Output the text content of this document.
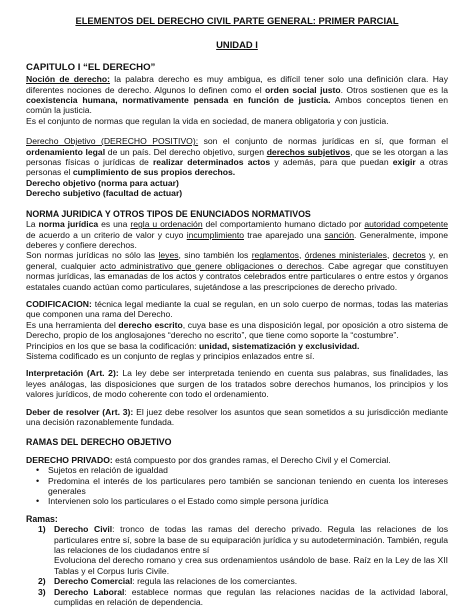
ELEMENTOS DEL DERECHO CIVIL PARTE GENERAL: PRIMER PARCIAL
UNIDAD I
CAPITULO I “EL DERECHO”

Noción de derecho: la palabra derecho es muy ambigua, es difícil tener solo una definición clara. Hay diferentes nociones de derecho. Algunos lo definen como el orden social justo. Otros sostienen que es la coexistencia humana, normativamente pensada en función de justicia. Ambos conceptos tienen en común la justicia.

Es el conjunto de normas que regulan la vida en sociedad, de manera obligatoria y con justicia.

Derecho Objetivo (DERECHO POSITIVO): son el conjunto de normas jurídicas en sí, que forman el ordenamiento legal de un país. Del derecho objetivo, surgen derechos subjetivos, que se les otorgan a las personas físicas o jurídicas de realizar determinados actos y además, para que puedan exigir a otras personas el cumplimiento de sus propios derechos.

Derecho objetivo (norma para actuar)

Derecho subjetivo (facultad de actuar)

NORMA JURIDICA Y OTROS TIPOS DE ENUNCIADOS NORMATIVOS

La norma jurídica es una regla u ordenación del comportamiento humano dictado por autoridad competente de acuerdo a un criterio de valor y cuyo incumplimiento trae aparejado una sanción. Generalmente, impone deberes y confiere derechos.

Son normas jurídicas no sólo las leyes, sino también los reglamentos, órdenes ministeriales, decretos y, en general, cualquier acto administrativo que genere obligaciones o derechos. Cabe agregar que constituyen normas jurídicas, las emanadas de los actos y contratos celebrados entre particulares o entre estos y órganos estatales cuando actúan como particulares, sujetándose a las prescripciones de derecho privado.

CODIFICACION: técnica legal mediante la cual se regulan, en un solo cuerpo de normas, todas las materias que componen una rama del Derecho.

Es una herramienta del derecho escrito, cuya base es una disposición legal, por oposición a otro sistema de Derecho, propio de los anglosajones “derecho no escrito”, que tiene como soporte la “costumbre”.

Principios en los que se basa la codificación: unidad, sistematización y exclusividad.

Sistema codificado es un conjunto de reglas y principios enlazados entre sí.

Interpretación (Art. 2): La ley debe ser interpretada teniendo en cuenta sus palabras, sus finalidades, las leyes análogas, las disposiciones que surgen de los tratados sobre derechos humanos, los principios y los valores jurídicos, de modo coherente con todo el ordenamiento.

Deber de resolver (Art. 3): El juez debe resolver los asuntos que sean sometidos a su jurisdicción mediante una decisión razonablemente fundada.

RAMAS DEL DERECHO OBJETIVO

DERECHO PRIVADO: está compuesto por dos grandes ramas, el Derecho Civil y el Comercial.

• Sujetos en relación de igualdad
• Predomina el interés de los particulares pero también se sancionan teniendo en cuenta los intereses generales
• Intervienen solo los particulares o el Estado como simple persona jurídica
Ramas:
1) Derecho Civil: tronco de todas las ramas del derecho privado. Regula las relaciones de los particulares entre sí, sobre la base de su equiparación jurídica y su autodeterminación. También, regula las relaciones de los ciudadanos entre sí
Evoluciona del derecho romano y crea sus ordenamientos usándolo de base. Raíz en la Ley de las XII Tablas y el Corpus Iuris Civile.
2) Derecho Comercial: regula las relaciones de los comerciantes.
3) Derecho Laboral: establece normas que regulan las relaciones nacidas de la actividad laboral, cumplidas en relación de dependencia.
